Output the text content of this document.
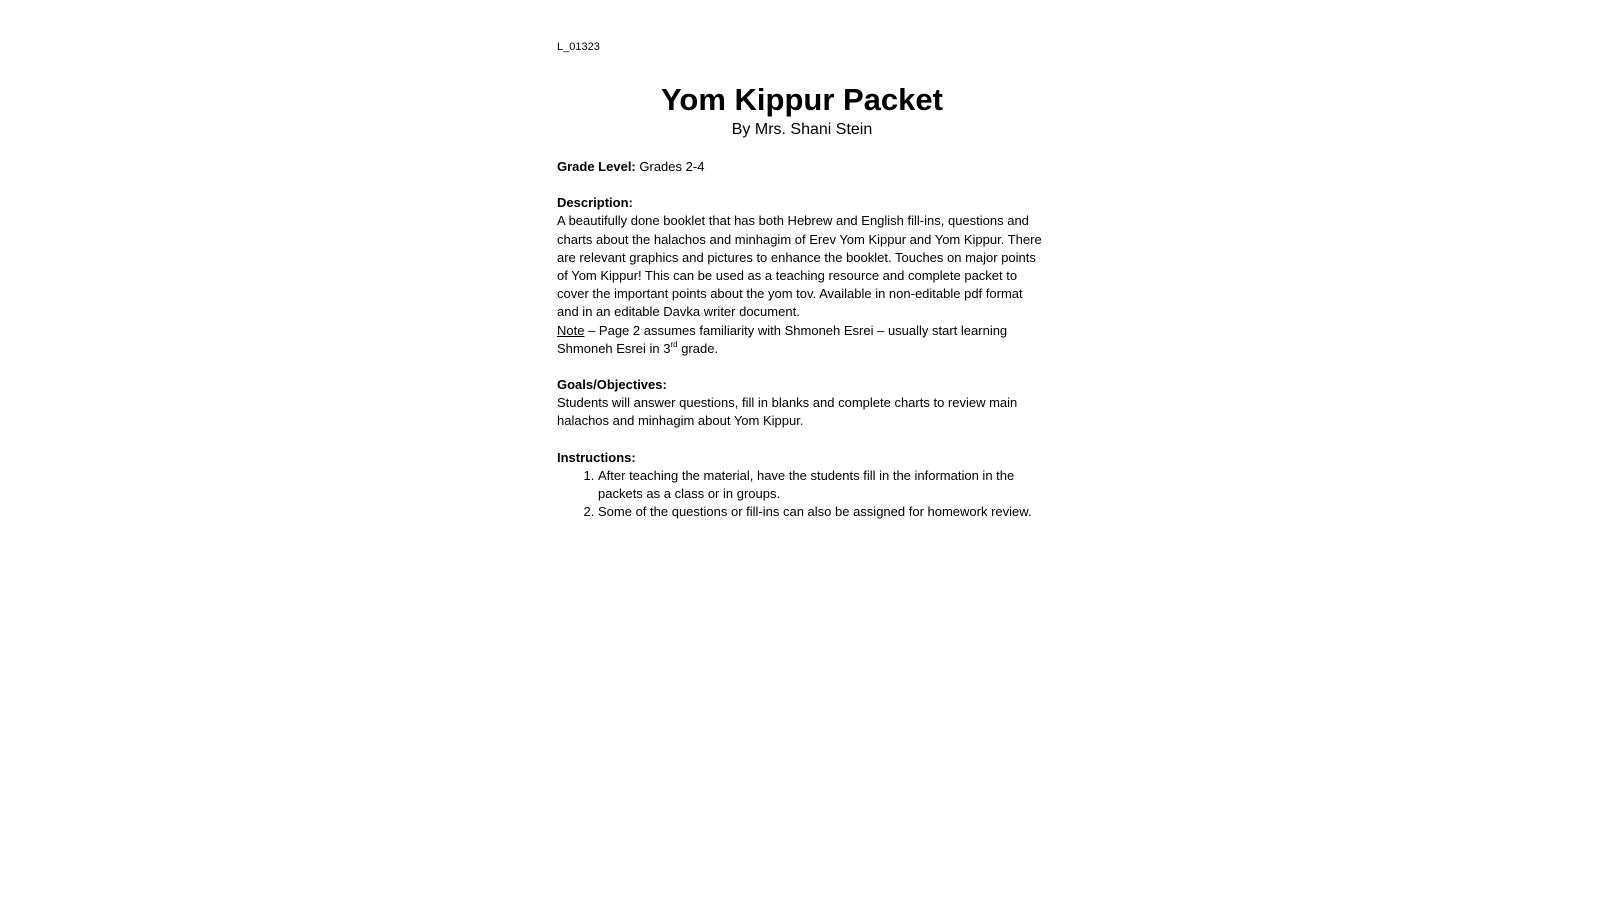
L_01323

Yom Kippur Packet

By Mrs. Shani Stein

Grade Level: Grades 2-4

Description:

A beautifully done booklet that has both Hebrew and English fill-ins, questions and charts about the halachos and minhagim of Erev Yom Kippur and Yom Kippur. There are relevant graphics and pictures to enhance the booklet. Touches on major points of Yom Kippur! This can be used as a teaching resource and complete packet to cover the important points about the yom tov. Available in non-editable pdf format and in an editable Davka writer document.

Note – Page 2 assumes familiarity with Shmoneh Esrei – usually start learning Shmoneh Esrei in 3rd grade.

Goals/Objectives:

Students will answer questions, fill in blanks and complete charts to review main halachos and minhagim about Yom Kippur.

Instructions:

1. After teaching the material, have the students fill in the information in the packets as a class or in groups.
2. Some of the questions or fill-ins can also be assigned for homework review.
